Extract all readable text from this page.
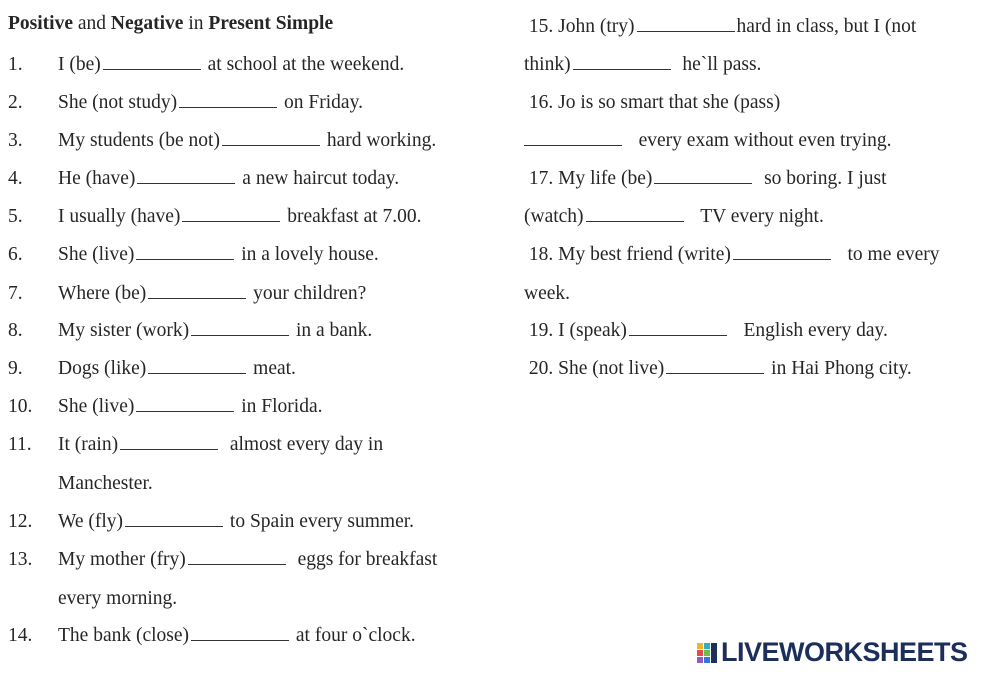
Positive and Negative in Present Simple
1. I (be)	at school at the weekend.
2. She (not study)	on Friday.
3. My students (be not)	hard working.
4. He (have)	a new haircut today.
5. I usually (have)	breakfast at 7.00.
6. She (live)	in a lovely house.
7. Where (be)	your children?
8. My sister (work)	in a bank.
9. Dogs (like)	meat.
10. She (live)	in Florida.
11. It (rain)	almost every day in
Manchester.
12. We (fly)	to Spain every summer.
13. My mother (fry)	eggs for breakfast
every morning.
14. The bank (close)	at four o`clock.
15. John (try)	hard in class, but I (not
think)	he`ll pass.
16. Jo is so smart that she (pass)
every exam without even trying.
17. My life (be)	so boring. I just
(watch)	TV every night.
18. My best friend (write)	to me every
week.
19. I (speak)	English every day.
20. She (not live)	in Hai Phong city.
LIVEWORKSHEETS
